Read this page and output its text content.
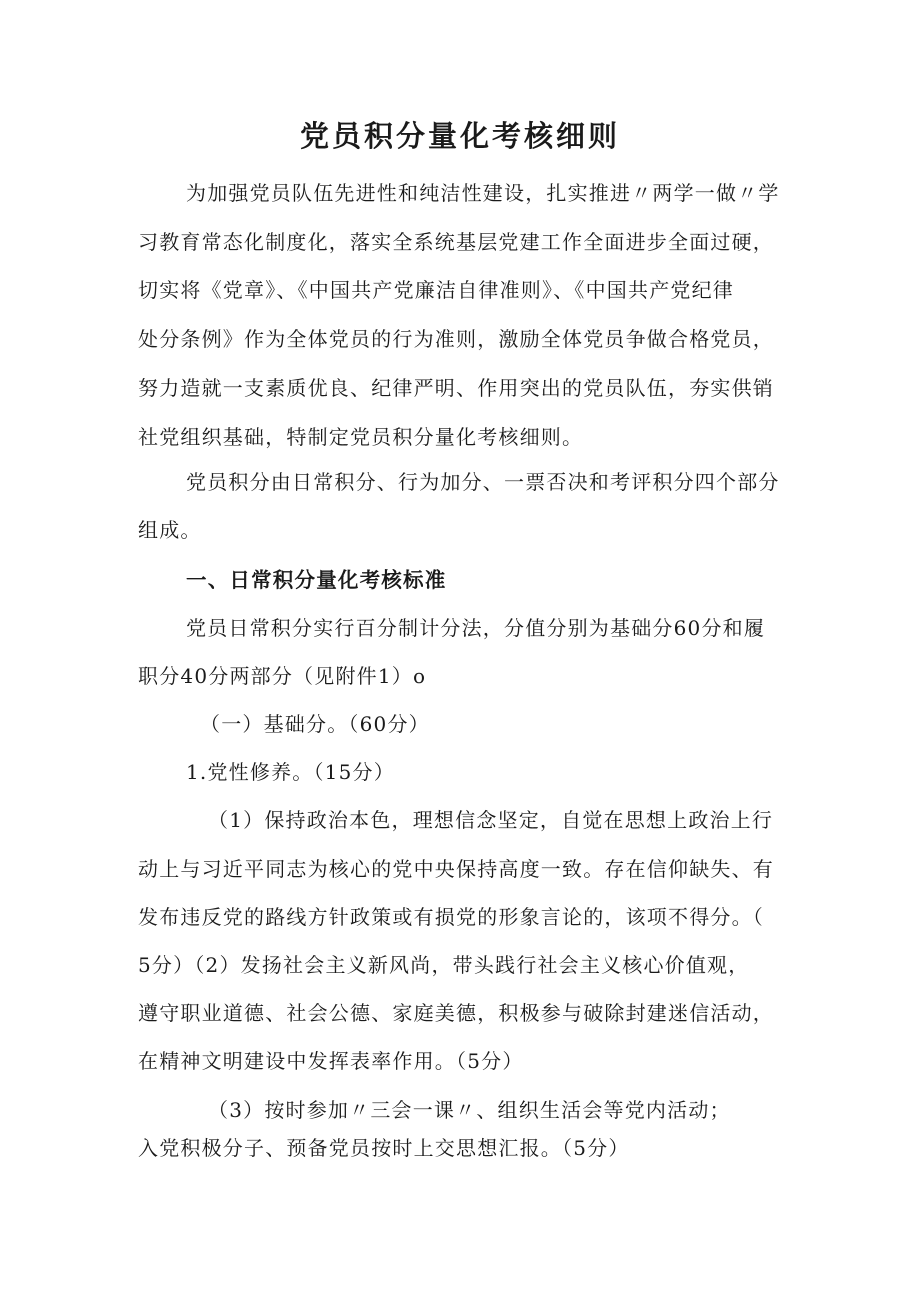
党员积分量化考核细则
为加强党员队伍先进性和纯洁性建设，扎实推进〃两学一做〃学
习教育常态化制度化，落实全系统基层党建工作全面进步全面过硬，
切实将《党章》、《中国共产党廉洁自律准则》、《中国共产党纪律
处分条例》作为全体党员的行为准则，激励全体党员争做合格党员，
努力造就一支素质优良、纪律严明、作用突出的党员队伍，夯实供销
社党组织基础，特制定党员积分量化考核细则。
党员积分由日常积分、行为加分、一票否决和考评积分四个部分
组成。
一、日常积分量化考核标准
党员日常积分实行百分制计分法，分值分别为基础分60分和履
职分40分两部分（见附件1）o
（一）基础分。（60分）
1.党性修养。（15分）
（1）保持政治本色，理想信念坚定，自觉在思想上政治上行
动上与习近平同志为核心的党中央保持高度一致。存在信仰缺失、有
发布违反党的路线方针政策或有损党的形象言论的，该项不得分。（
5分）（2）发扬社会主义新风尚，带头践行社会主义核心价值观，
遵守职业道德、社会公德、家庭美德，积极参与破除封建迷信活动，
在精神文明建设中发挥表率作用。（5分）
（3）按时参加〃三会一课〃、组织生活会等党内活动；
入党积极分子、预备党员按时上交思想汇报。（5分）
